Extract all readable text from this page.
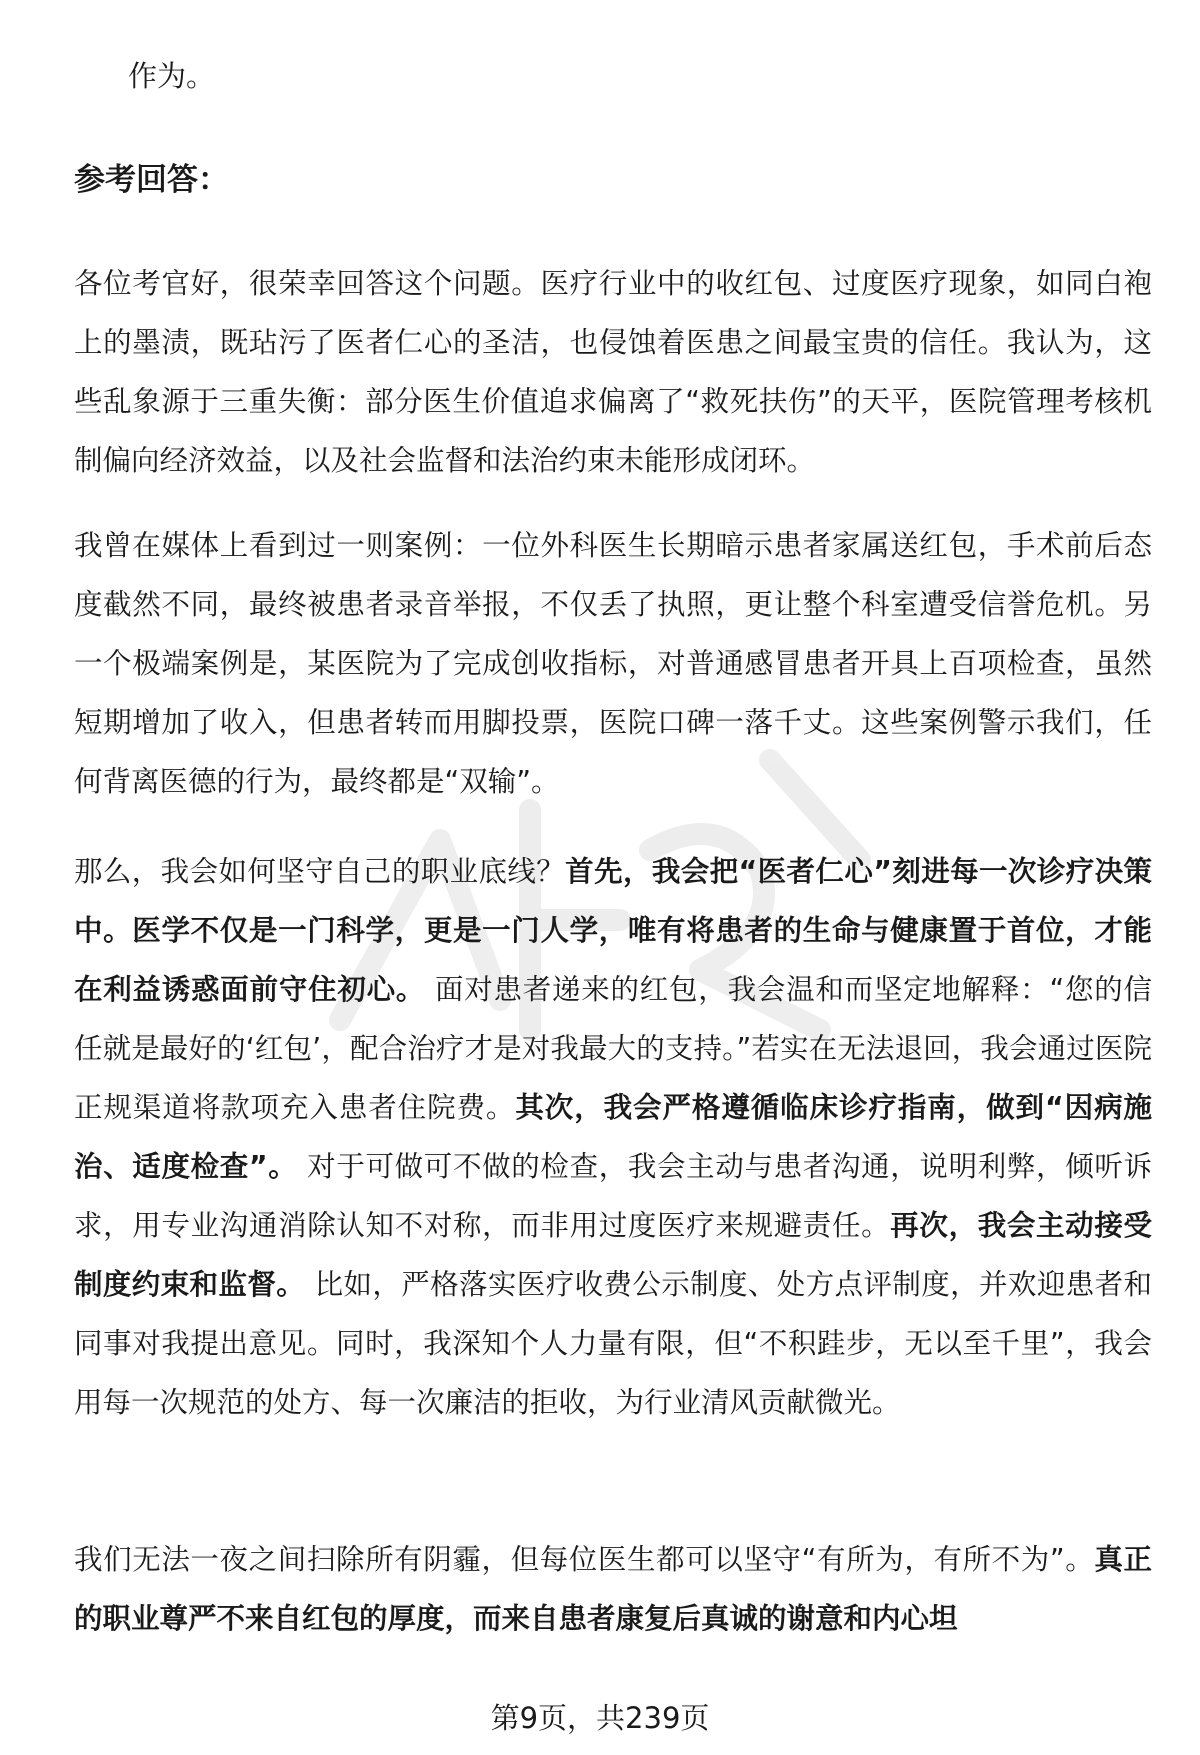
作为。

参考回答：

各位考官好，很荣幸回答这个问题。医疗行业中的收红包、过度医疗现象，如同白袍上的墨渍，既玷污了医者仁心的圣洁，也侵蚀着医患之间最宝贵的信任。我认为，这些乱象源于三重失衡：部分医生价值追求偏离了“救死扶伤”的天平，医院管理考核机制偏向经济效益，以及社会监督和法治约束未能形成闭环。

我曾在媒体上看到过一则案例：一位外科医生长期暗示患者家属送红包，手术前后态度截然不同，最终被患者录音举报，不仅丢了执照，更让整个科室遭受信誉危机。另一个极端案例是，某医院为了完成创收指标，对普通感冒患者开具上百项检查，虽然短期增加了收入，但患者转而用脚投票，医院口碑一落千丈。这些案例警示我们，任何背离医德的行为，最终都是“双输”。

那么，我会如何坚守自己的职业底线？首先，我会把“医者仁心”刻进每一次诊疗决策中。医学不仅是一门科学，更是一门人学，唯有将患者的生命与健康置于首位，才能在利益诱惑面前守住初心。 面对患者递来的红包，我会温和而坚定地解释：“您的信任就是最好的‘红包’，配合治疗才是对我最大的支持。”若实在无法退回，我会通过医院正规渠道将款项充入患者住院费。其次，我会严格遵循临床诊疗指南，做到“因病施治、适度检查”。 对于可做可不做的检查，我会主动与患者沟通，说明利弊，倾听诉求，用专业沟通消除认知不对称，而非用过度医疗来规避责任。再次，我会主动接受制度约束和监督。 比如，严格落实医疗收费公示制度、处方点评制度，并欢迎患者和同事对我提出意见。同时，我深知个人力量有限，但“不积跬步，无以至千里”，我会用每一次规范的处方、每一次廉洁的拒收，为行业清风贡献微光。

我们无法一夜之间扫除所有阴霾，但每位医生都可以坚守“有所为，有所不为”。真正的职业尊严不来自红包的厚度，而来自患者康复后真诚的谢意和内心坦

第9页，共239页
